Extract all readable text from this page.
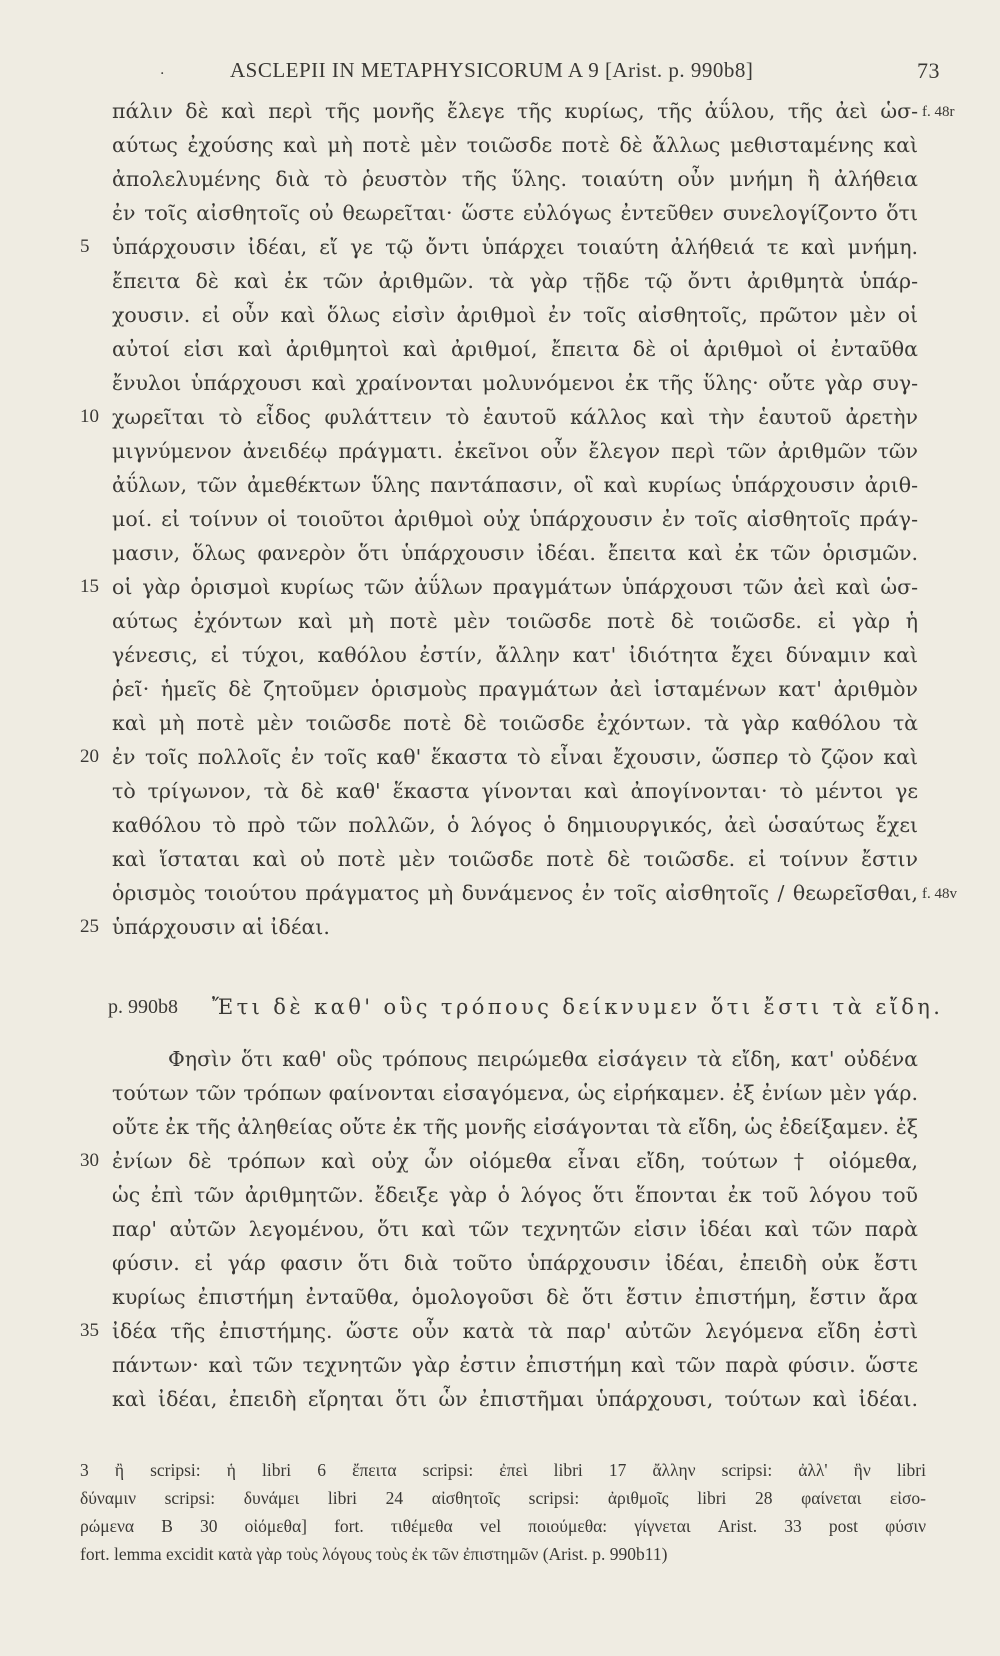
·	ASCLEPII IN METAPHYSICORUM A 9 [Arist. p. 990b8]	73
πάλιν δὲ καὶ περὶ τῆς μονῆς ἔλεγε τῆς κυρίως, τῆς ἀΰλου, τῆς ἀεὶ ὡσ-
αύτως ἐχούσης καὶ μὴ ποτὲ μὲν τοιῶσδε ποτὲ δὲ ἄλλως μεθισταμένης καὶ
ἀπολελυμένης διὰ τὸ ῥευστὸν τῆς ὕλης. τοιαύτη οὖν μνήμη ἢ ἀλήθεια
ἐν τοῖς αἰσθητοῖς οὐ θεωρεῖται· ὥστε εὐλόγως ἐντεῦθεν συνελογίζοντο ὅτι
ὑπάρχουσιν ἰδέαι, εἴ γε τῷ ὄντι ὑπάρχει τοιαύτη ἀλήθειά τε καὶ μνήμη.
ἔπειτα δὲ καὶ ἐκ τῶν ἀριθμῶν. τὰ γὰρ τῇδε τῷ ὄντι ἀριθμητὰ ὑπάρ-
χουσιν. εἰ οὖν καὶ ὅλως εἰσὶν ἀριθμοὶ ἐν τοῖς αἰσθητοῖς, πρῶτον μὲν οἱ
αὐτοί εἰσι καὶ ἀριθμητοὶ καὶ ἀριθμοί, ἔπειτα δὲ οἱ ἀριθμοὶ οἱ ἐνταῦθα
ἔνυλοι ὑπάρχουσι καὶ χραίνονται μολυνόμενοι ἐκ τῆς ὕλης· οὔτε γὰρ συγ-
χωρεῖται τὸ εἶδος φυλάττειν τὸ ἑαυτοῦ κάλλος καὶ τὴν ἑαυτοῦ ἀρετὴν
μιγνύμενον ἀνειδέῳ πράγματι. ἐκεῖνοι οὖν ἔλεγον περὶ τῶν ἀριθμῶν τῶν
ἀΰλων, τῶν ἀμεθέκτων ὕλης παντάπασιν, οἳ καὶ κυρίως ὑπάρχουσιν ἀριθ-
μοί. εἰ τοίνυν οἱ τοιοῦτοι ἀριθμοὶ οὐχ ὑπάρχουσιν ἐν τοῖς αἰσθητοῖς πράγ-
μασιν, ὅλως φανερὸν ὅτι ὑπάρχουσιν ἰδέαι. ἔπειτα καὶ ἐκ τῶν ὁρισμῶν.
οἱ γὰρ ὁρισμοὶ κυρίως τῶν ἀΰλων πραγμάτων ὑπάρχουσι τῶν ἀεὶ καὶ ὡσ-
αύτως ἐχόντων καὶ μὴ ποτὲ μὲν τοιῶσδε ποτὲ δὲ τοιῶσδε. εἰ γὰρ ἡ
γένεσις, εἰ τύχοι, καθόλου ἐστίν, ἄλλην κατ' ἰδιότητα ἔχει δύναμιν καὶ
ῥεῖ· ἡμεῖς δὲ ζητοῦμεν ὁρισμοὺς πραγμάτων ἀεὶ ἱσταμένων κατ' ἀριθμὸν
καὶ μὴ ποτὲ μὲν τοιῶσδε ποτὲ δὲ τοιῶσδε ἐχόντων. τὰ γὰρ καθόλου τὰ
ἐν τοῖς πολλοῖς ἐν τοῖς καθ' ἕκαστα τὸ εἶναι ἔχουσιν, ὥσπερ τὸ ζῷον καὶ
τὸ τρίγωνον, τὰ δὲ καθ' ἕκαστα γίνονται καὶ ἀπογίνονται· τὸ μέντοι γε
καθόλου τὸ πρὸ τῶν πολλῶν, ὁ λόγος ὁ δημιουργικός, ἀεὶ ὡσαύτως ἔχει
καὶ ἵσταται καὶ οὐ ποτὲ μὲν τοιῶσδε ποτὲ δὲ τοιῶσδε. εἰ τοίνυν ἔστιν
ὁρισμὸς τοιούτου πράγματος μὴ δυνάμενος ἐν τοῖς αἰσθητοῖς / θεωρεῖσθαι,
ὑπάρχουσιν αἱ ἰδέαι.
5
10
15
20
25
f. 48r
f. 48v
p. 990b8 Ἔτι δὲ καθ' οὓς τρόπους δείκνυμεν ὅτι ἔστι τὰ εἴδη.
Φησὶν ὅτι καθ' οὓς τρόπους πειρώμεθα εἰσάγειν τὰ εἴδη, κατ' οὐδένα
τούτων τῶν τρόπων φαίνονται εἰσαγόμενα, ὡς εἰρήκαμεν. ἐξ ἐνίων μὲν γάρ.
οὔτε ἐκ τῆς ἀληθείας οὔτε ἐκ τῆς μονῆς εἰσάγονται τὰ εἴδη, ὡς ἐδείξαμεν. ἐξ
ἐνίων δὲ τρόπων καὶ οὐχ ὧν οἰόμεθα εἶναι εἴδη, τούτων † οἰόμεθα,
ὡς ἐπὶ τῶν ἀριθμητῶν. ἔδειξε γὰρ ὁ λόγος ὅτι ἕπονται ἐκ τοῦ λόγου τοῦ
παρ' αὐτῶν λεγομένου, ὅτι καὶ τῶν τεχνητῶν εἰσιν ἰδέαι καὶ τῶν παρὰ
φύσιν. εἰ γάρ φασιν ὅτι διὰ τοῦτο ὑπάρχουσιν ἰδέαι, ἐπειδὴ οὐκ ἔστι
κυρίως ἐπιστήμη ἐνταῦθα, ὁμολογοῦσι δὲ ὅτι ἔστιν ἐπιστήμη, ἔστιν ἄρα
ἰδέα τῆς ἐπιστήμης. ὥστε οὖν κατὰ τὰ παρ' αὐτῶν λεγόμενα εἴδη ἐστὶ
πάντων· καὶ τῶν τεχνητῶν γὰρ ἐστιν ἐπιστήμη καὶ τῶν παρὰ φύσιν. ὥστε
καὶ ἰδέαι, ἐπειδὴ εἴρηται ὅτι ὧν ἐπιστῆμαι ὑπάρχουσι, τούτων καὶ ἰδέαι.
30
35
3 ἢ scripsi: ἡ libri 6 ἔπειτα scripsi: ἐπεὶ libri 17 ἄλλην scripsi: ἀλλ' ἣν libri
δύναμιν scripsi: δυνάμει libri 24 αἰσθητοῖς scripsi: ἀριθμοῖς libri 28 φαίνεται εἰσο-
ρώμενα B 30 οἰόμεθα] fort. τιθέμεθα vel ποιούμεθα: γίγνεται Arist. 33 post φύσιν
fort. lemma excidit κατὰ γὰρ τοὺς λόγους τοὺς ἐκ τῶν ἐπιστημῶν (Arist. p. 990b11)
